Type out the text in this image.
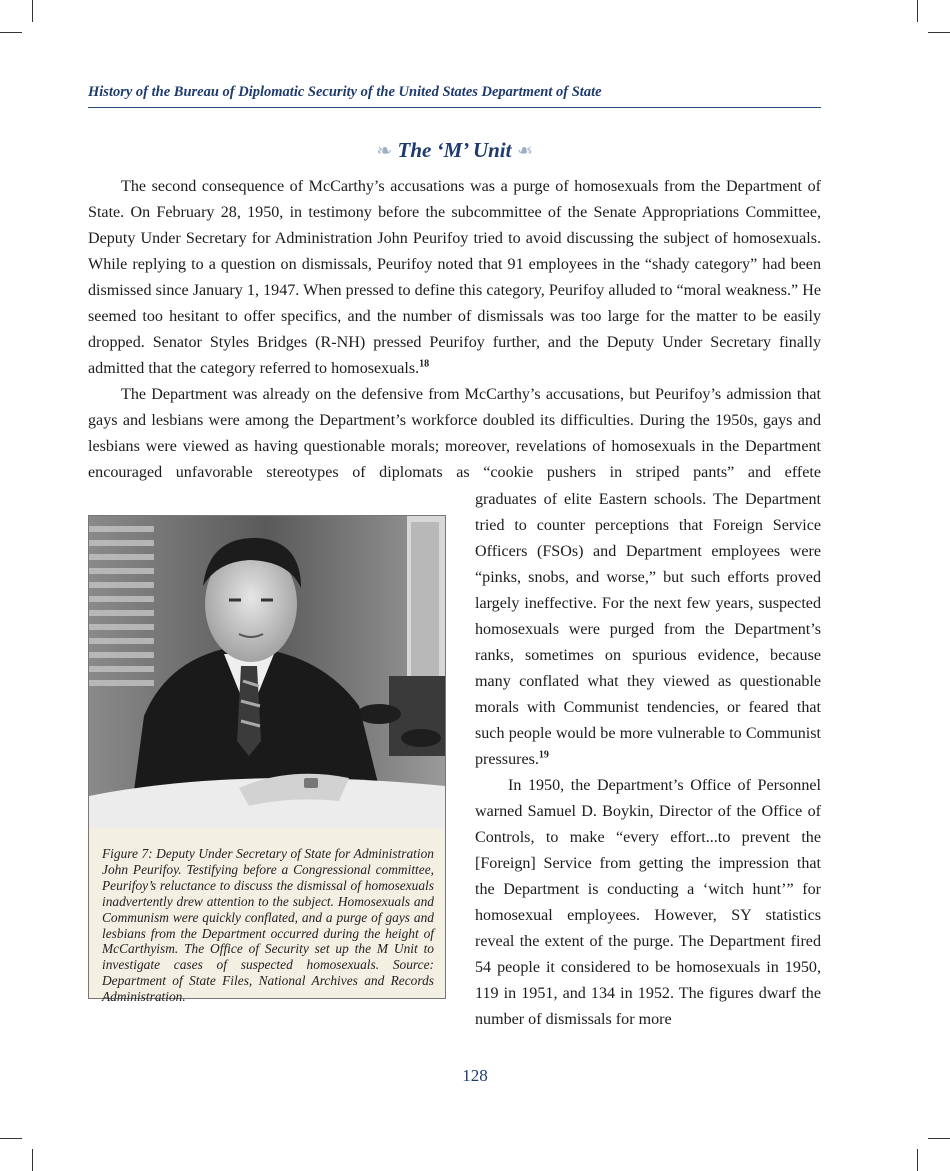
History of the Bureau of Diplomatic Security of the United States Department of State
❧ The ‘M’ Unit ❧

The second consequence of McCarthy’s accusations was a purge of homosexuals from the Department of State. On February 28, 1950, in testimony before the subcommittee of the Senate Appropriations Committee, Deputy Under Secretary for Administration John Peurifoy tried to avoid discussing the subject of homosexuals. While replying to a question on dismissals, Peurifoy noted that 91 employees in the “shady category” had been dismissed since January 1, 1947. When pressed to define this category, Peurifoy alluded to “moral weakness.” He seemed too hesitant to offer specifics, and the number of dismissals was too large for the matter to be easily dropped. Senator Styles Bridges (R-NH) pressed Peurifoy further, and the Deputy Under Secretary finally admitted that the category referred to homosexuals.$^{18}$

The Department was already on the defensive from McCarthy’s accusations, but Peurifoy’s admission that gays and lesbians were among the Department’s workforce doubled its difficulties. During the 1950s, gays and lesbians were viewed as having questionable morals; moreover, revelations of homosexuals in the Department encouraged unfavorable stereotypes of diplomats as “cookie pushers in striped pants” and effete

graduates of elite Eastern schools. The Department tried to counter perceptions that Foreign Service Officers (FSOs) and Department employees were “pinks, snobs, and worse,” but such efforts proved largely ineffective. For the next few years, suspected homosexuals were purged from the Department’s ranks, sometimes on spurious evidence, because many conflated what they viewed as questionable morals with Communist tendencies, or feared that such people would be more vulnerable to Communist pressures.$^{19}$

In 1950, the Department’s Office of Personnel warned Samuel D. Boykin, Director of the Office of Controls, to make “every effort...to prevent the [Foreign] Service from getting the impression that the Department is conducting a ‘witch hunt’” for homosexual employees. However, SY statistics reveal the extent of the purge. The Department fired 54 people it considered to be homosexuals in 1950, 119 in 1951, and 134 in 1952. The figures dwarf the number of dismissals for more

Figure 7: Deputy Under Secretary of State for Administration John Peurifoy. Testifying before a Congressional committee, Peurifoy’s reluctance to discuss the dismissal of homosexuals inadvertently drew attention to the subject. Homosexuals and Communism were quickly conflated, and a purge of gays and lesbians from the Department occurred during the height of McCarthyism. The Office of Security set up the M Unit to investigate cases of suspected homosexuals. Source: Department of State Files, National Archives and Records Administration.
128
